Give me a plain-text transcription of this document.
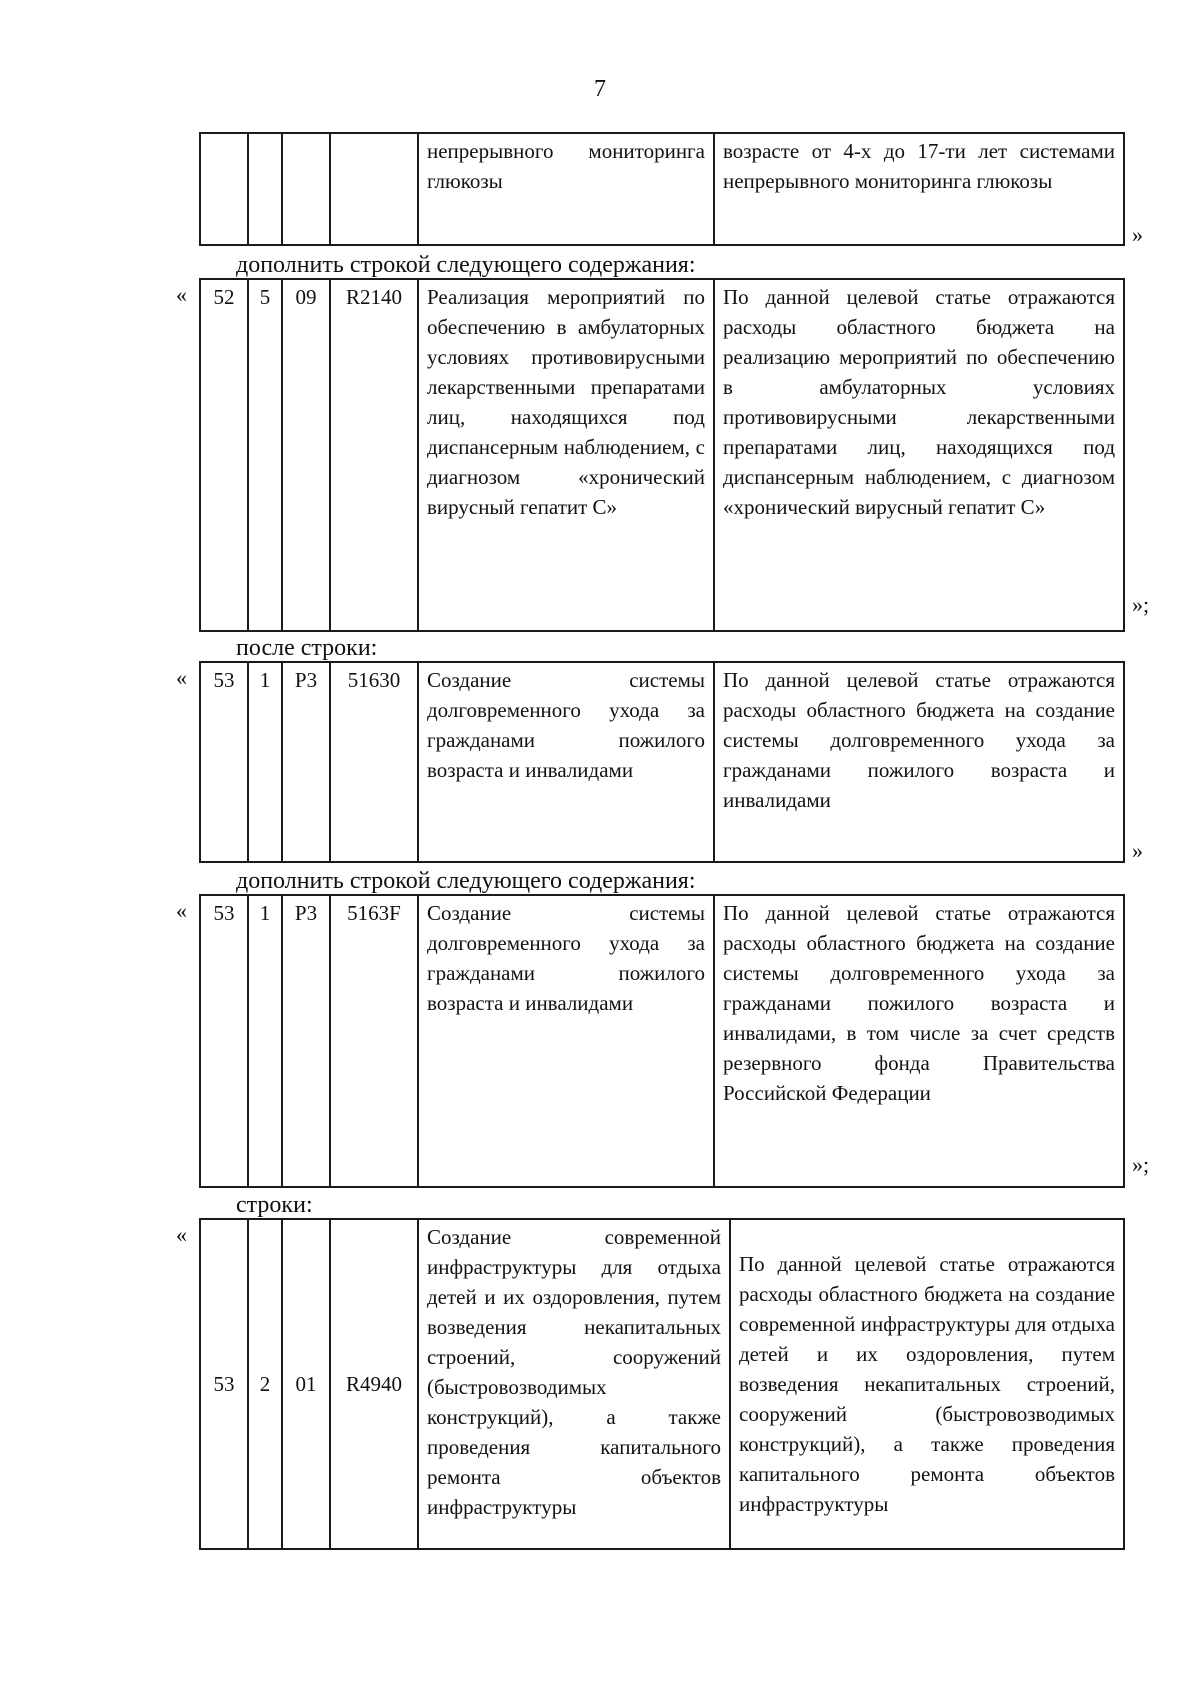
7
				непрерывного мониторинга глюкозы	возрасте от 4-х до 17-ти лет системами непрерывного мониторинга глюкозы
»
дополнить строкой следующего содержания:
« 52	5	09	R2140	Реализация мероприятий по обеспечению в амбулаторных условиях противовирусными лекарственными препаратами лиц, находящихся под диспансерным наблюдением, с диагнозом «хронический вирусный гепатит С»	По данной целевой статье отражаются расходы областного бюджета на реализацию мероприятий по обеспечению в амбулаторных условиях противовирусными лекарственными препаратами лиц, находящихся под диспансерным наблюдением, с диагнозом «хронический вирусный гепатит С»
»;
после строки:
« 53	1	P3	51630	Создание системы долговременного ухода за гражданами пожилого возраста и инвалидами	По данной целевой статье отражаются расходы областного бюджета на создание системы долговременного ухода за гражданами пожилого возраста и инвалидами
»
дополнить строкой следующего содержания:
« 53	1	P3	5163F	Создание системы долговременного ухода за гражданами пожилого возраста и инвалидами	По данной целевой статье отражаются расходы областного бюджета на создание системы долговременного ухода за гражданами пожилого возраста и инвалидами, в том числе за счет средств резервного фонда Правительства Российской Федерации
»;
строки:
«
53	2	01	R4940	Создание современной инфраструктуры для отдыха детей и их оздоровления, путем возведения некапитальных строений, сооружений (быстровозводимых конструкций), а также проведения капитального ремонта объектов инфраструктуры	По данной целевой статье отражаются расходы областного бюджета на создание современной инфраструктуры для отдыха детей и их оздоровления, путем возведения некапитальных строений, сооружений (быстровозводимых конструкций), а также проведения капитального ремонта объектов инфраструктуры
